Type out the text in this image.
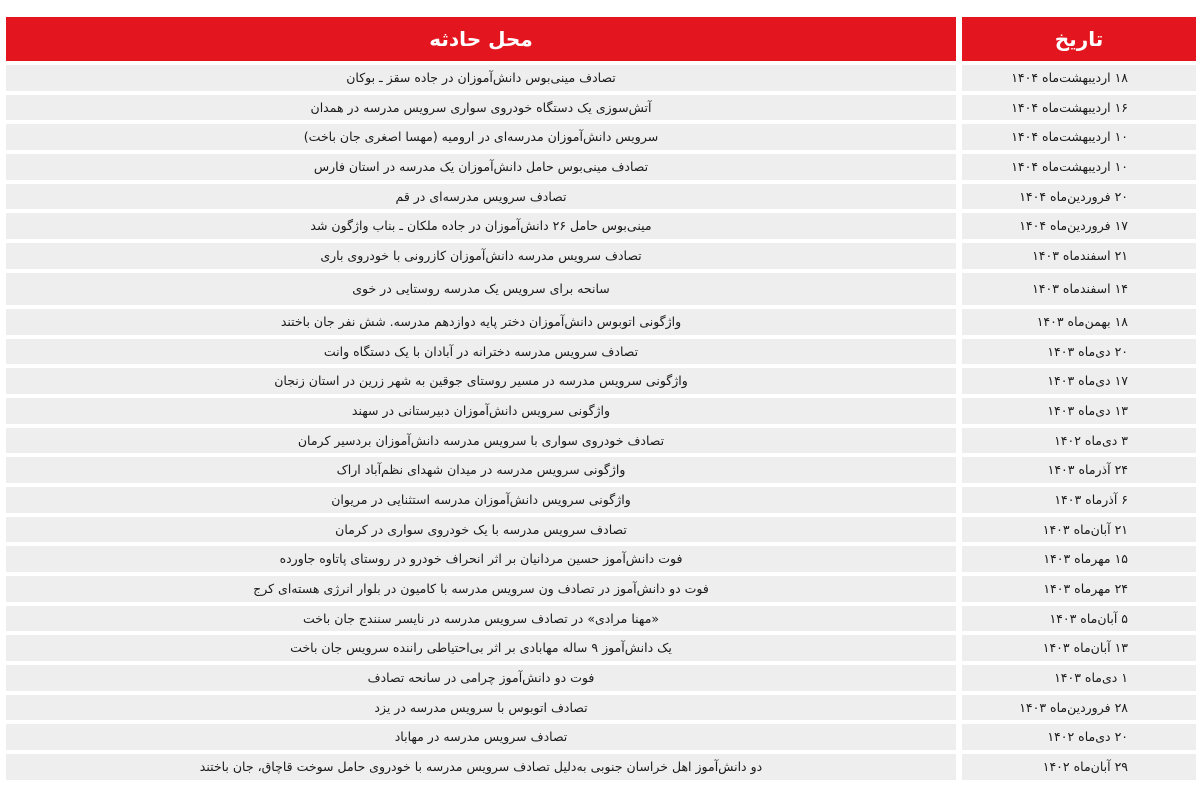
تاریخ
محل حادثه
۱۸ اردیبهشت‌ماه ۱۴۰۴
تصادف مینی‌بوس دانش‌آموزان در جاده سقز ـ بوکان
۱۶ اردیبهشت‌ماه ۱۴۰۴
آتش‌سوزی یک دستگاه خودروی سواری سرویس مدرسه در همدان
۱۰ اردیبهشت‌ماه ۱۴۰۴
سرویس دانش‌آموزان مدرسه‌ای در ارومیه (مهسا اصغری جان باخت)
۱۰ اردیبهشت‌ماه ۱۴۰۴
تصادف مینی‌بوس حامل دانش‌آموزان یک مدرسه در استان فارس
۲۰ فروردین‌ماه ۱۴۰۴
تصادف سرویس مدرسه‌ای در قم
۱۷ فروردین‌ماه ۱۴۰۴
مینی‌بوس حامل ۲۶ دانش‌آموزان در جاده ملکان ـ بناب واژگون شد
۲۱ اسفندماه ۱۴۰۳
تصادف سرویس مدرسه دانش‌آموزان کازرونی با خودروی باری
۱۴ اسفندماه ۱۴۰۳
سانحه برای سرویس یک مدرسه روستایی در خوی
۱۸ بهمن‌ماه ۱۴۰۳
واژگونی اتوبوس دانش‌آموزان دختر پایه دوازدهم مدرسه. شش نفر جان باختند
۲۰ دی‌ماه ۱۴۰۳
تصادف سرویس مدرسه دخترانه در آبادان با یک دستگاه وانت
۱۷ دی‌ماه ۱۴۰۳
واژگونی سرویس مدرسه در مسیر روستای جوقین به شهر زرین در استان زنجان
۱۳ دی‌ماه ۱۴۰۳
واژگونی سرویس دانش‌آموزان دبیرستانی در سهند
۳ دی‌ماه ۱۴۰۲
تصادف خودروی سواری با سرویس مدرسه دانش‌آموزان بردسیر کرمان
۲۴ آذرماه ۱۴۰۳
واژگونی سرویس مدرسه در میدان شهدای نظم‌آباد اراک
۶ آذرماه ۱۴۰۳
واژگونی سرویس دانش‌آموزان مدرسه استثنایی در مریوان
۲۱ آبان‌ماه ۱۴۰۳
تصادف سرویس مدرسه با یک خودروی سواری در کرمان
۱۵ مهرماه ۱۴۰۳
فوت دانش‌آموز حسین مردانیان بر اثر انحراف خودرو در روستای پاتاوه جاورده
۲۴ مهرماه ۱۴۰۳
فوت دو دانش‌آموز در تصادف ون سرویس مدرسه با کامیون در بلوار انرژی هسته‌ای کرج
۵ آبان‌ماه ۱۴۰۳
«مهنا مرادی» در تصادف سرویس مدرسه در نایسر سنندج جان باخت
۱۳ آبان‌ماه ۱۴۰۳
یک دانش‌آموز ۹ ساله مهابادی بر اثر بی‌احتیاطی راننده سرویس جان باخت
۱ دی‌ماه ۱۴۰۳
فوت دو دانش‌آموز چرامی در سانحه تصادف
۲۸ فروردین‌ماه ۱۴۰۳
تصادف اتوبوس با سرویس مدرسه در یزد
۲۰ دی‌ماه ۱۴۰۲
تصادف سرویس مدرسه در مهاباد
۲۹ آبان‌ماه ۱۴۰۲
دو دانش‌آموز اهل خراسان جنوبی به‌دلیل تصادف سرویس مدرسه با خودروی حامل سوخت قاچاق، جان باختند
